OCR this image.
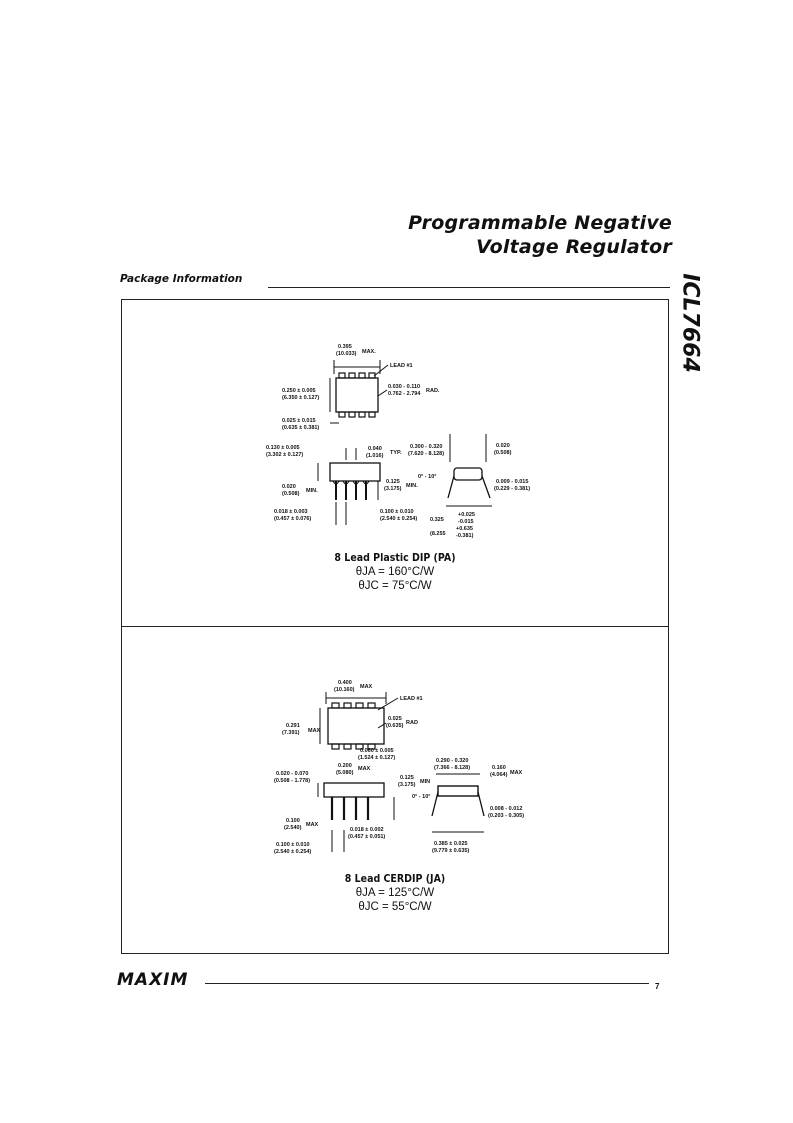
Programmable Negative
Voltage Regulator
ICL7664
Package Information
0.395
(10.033) MAX.
LEAD #1
0.250 ± 0.005
(6.350 ± 0.127)
0.030 - 0.110
0.762 - 2.794 RAD.
0.025 ± 0.015
(0.635 ± 0.381)
0.130 ± 0.005
(3.302 ± 0.127)
0.040
(1.016) TYP.
0.020
(0.508) MIN.
0.125
(3.175) MIN.
0.018 ± 0.003
(0.457 ± 0.076)
0.100 ± 0.010
(2.540 ± 0.254)
0.300 - 0.320
(7.620 - 8.128)
0.020
(0.508)
0° - 10°
0.009 - 0.015
(0.229 - 0.381)
0.325
+0.025
-0.015
(8.255
+0.635
-0.381)
8 Lead Plastic DIP (PA)
θJA = 160°C/W
θJC = 75°C/W
0.400
(10.160) MAX
LEAD #1
0.291
(7.391) MAX
0.025
(0.635) RAD
0.060 ± 0.005
(1.524 ± 0.127)
0.200
(5.080)
MAX
0.020 - 0.070
(0.508 - 1.778)	0.125
(3.175) MIN
0.100
(2.540) MAX
0.018 ± 0.002
(0.457 ± 0.051)
0.100 ± 0.010
(2.540 ± 0.254)
0.290 - 0.320
(7.366 - 8.128)	0.160
(4.064) MAX
0° - 10°
0.008 - 0.012
(0.203 - 0.305)
0.385 ± 0.025
(9.779 ± 0.635)
8 Lead CERDIP (JA)
θJA = 125°C/W
θJC = 55°C/W
MAXIM	7
